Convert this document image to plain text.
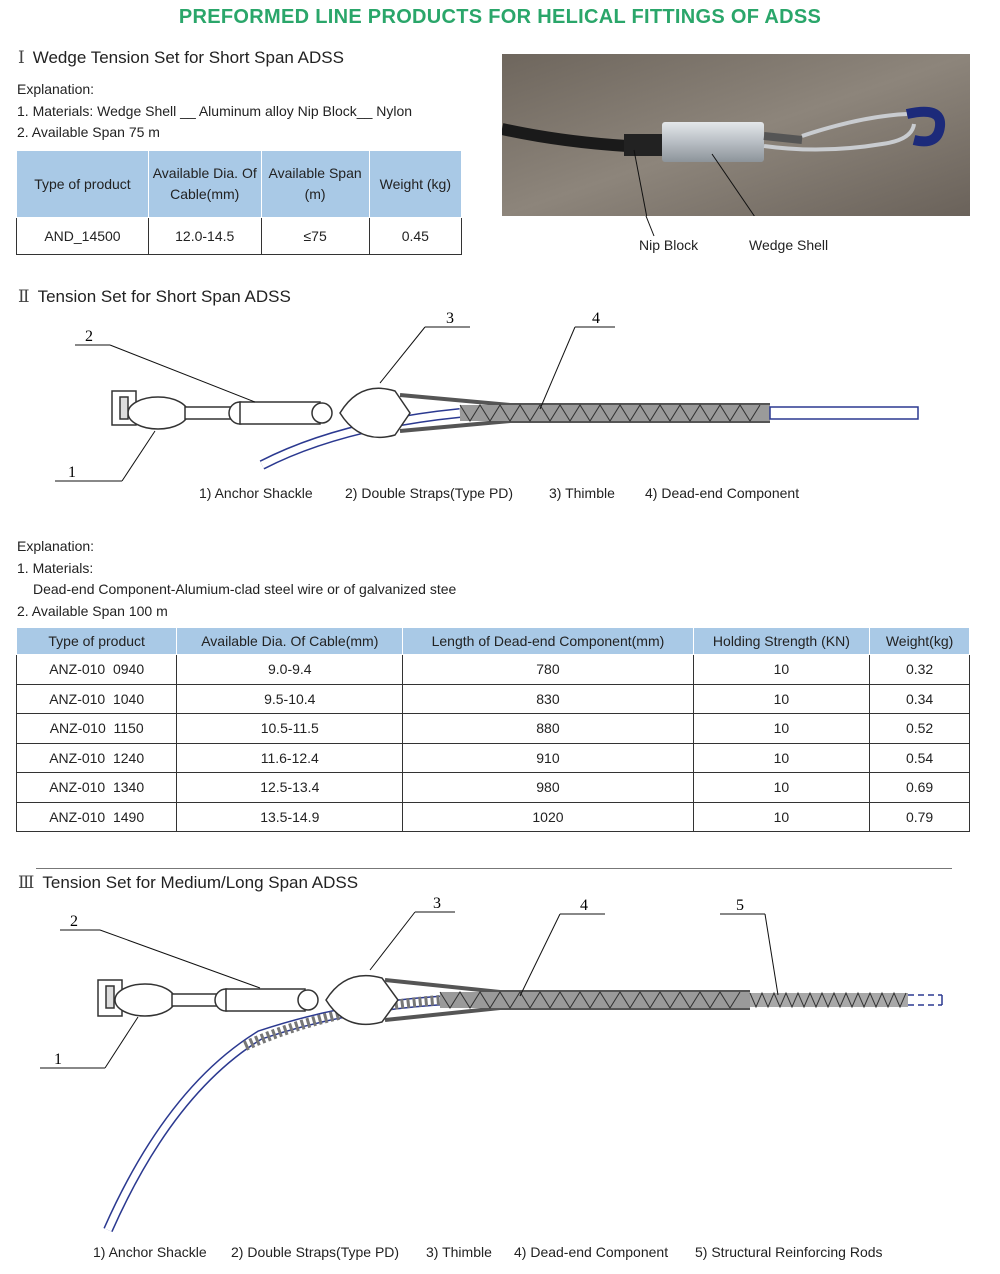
PREFORMED LINE PRODUCTS FOR HELICAL FITTINGS OF ADSS
Ⅰ Wedge Tension Set for Short Span ADSS
Explanation:
1. Materials: Wedge Shell __ Aluminum alloy Nip Block__ Nylon
2. Available Span 75 m
Type of product	Available Dia. Of Cable(mm)	Available Span (m)	Weight (kg)
AND_14500	12.0-14.5	≤75	0.45
Nip Block	Wedge Shell
Ⅱ Tension Set for Short Span ADSS
1
2
3	4
1) Anchor Shackle 2) Double Straps(Type PD)	3) Thimble 4) Dead-end Component
Explanation:
1. Materials:
Dead-end Component-Alumium-clad steel wire or of galvanized stee
2. Available Span 100 m
Type of product	Available Dia. Of Cable(mm)	Length of Dead-end Component(mm)	Holding Strength (KN)	Weight(kg)
ANZ-010  0940	9.0-9.4	780	10	0.32
ANZ-010  1040	9.5-10.4	830	10	0.34
ANZ-010  1150	10.5-11.5	880	10	0.52
ANZ-010  1240	11.6-12.4	910	10	0.54
ANZ-010  1340	12.5-13.4	980	10	0.69
ANZ-010  1490	13.5-14.9	1020	10	0.79
Ⅲ Tension Set for Medium/Long Span ADSS
1
2
3	4	5
1) Anchor Shackle 2) Double Straps(Type PD) 3) Thimble 4) Dead-end Component 5) Structural Reinforcing Rods
